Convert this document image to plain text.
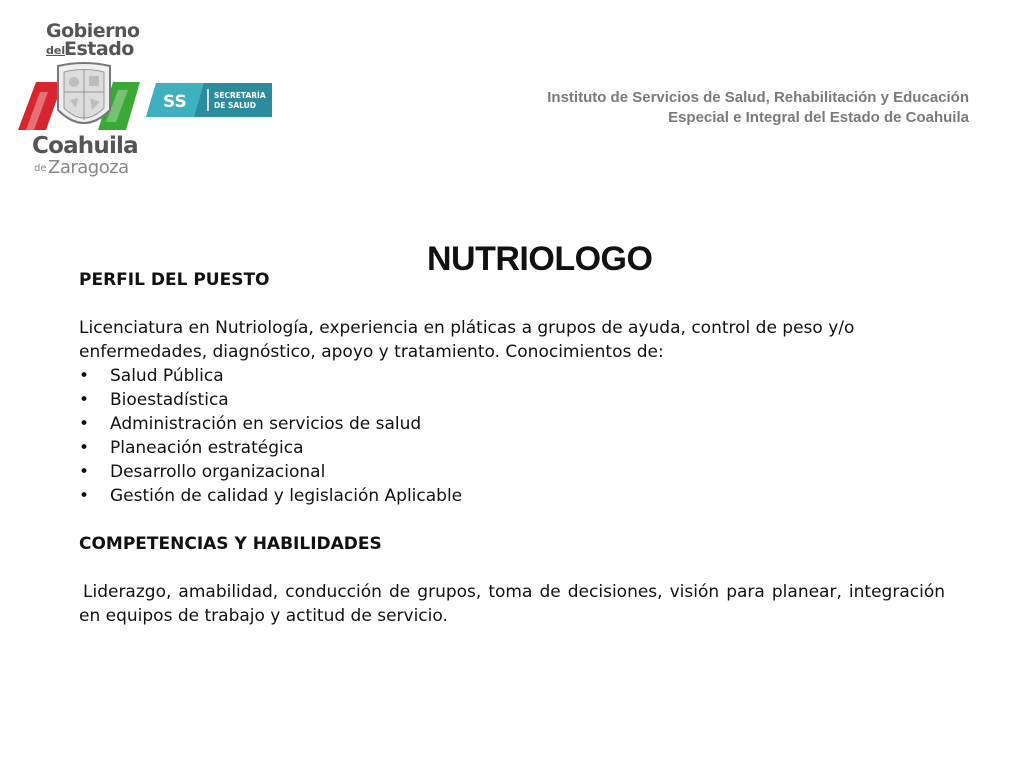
Gobierno
del
Estado
Coahuila
de Zaragoza
SS	SECRETARÍA
DE SALUD	Instituto de Servicios de Salud, Rehabilitación y Educación
Especial e Integral del Estado de Coahuila
NUTRIOLOGO

PERFIL DEL PUESTO

Licenciatura en Nutriología, experiencia en pláticas a grupos de ayuda, control de peso y/o enfermedades, diagnóstico, apoyo y tratamiento. Conocimientos de:

• Salud Pública
• Bioestadística
• Administración en servicios de salud
• Planeación estratégica
• Desarrollo organizacional
• Gestión de calidad y legislación Aplicable

COMPETENCIAS Y HABILIDADES

Liderazgo, amabilidad, conducción de grupos, toma de decisiones, visión para planear, integración en equipos de trabajo y actitud de servicio.
